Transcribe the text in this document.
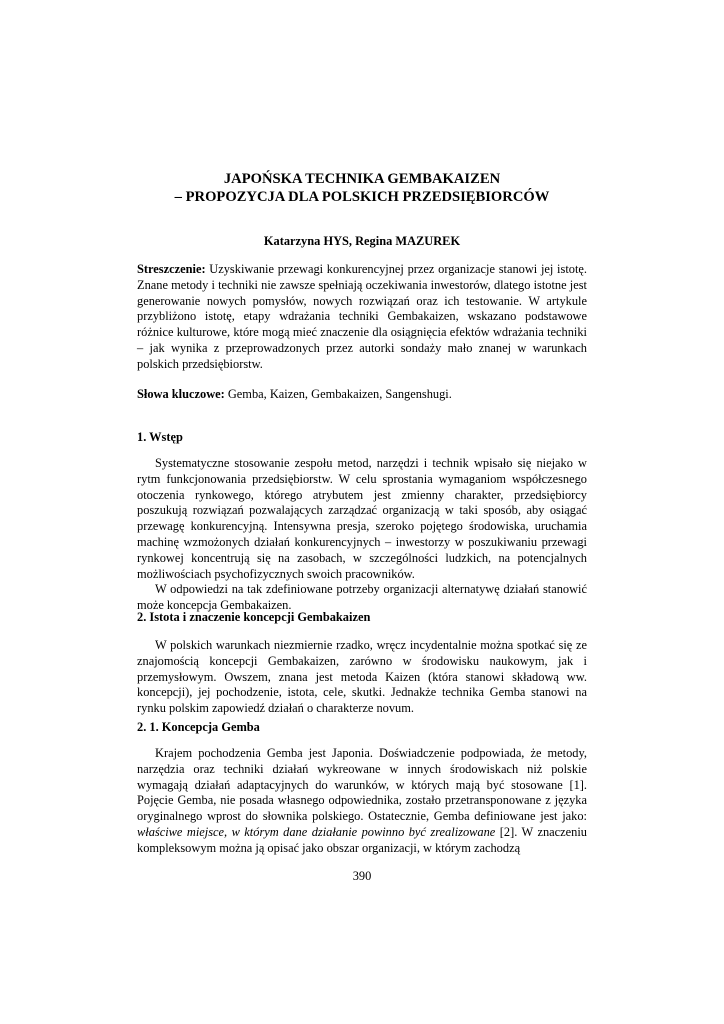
JAPOŃSKA TECHNIKA GEMBAKAIZEN
– PROPOZYCJA DLA POLSKICH PRZEDSIĘBIORCÓW
Katarzyna HYS, Regina MAZUREK

Streszczenie: Uzyskiwanie przewagi konkurencyjnej przez organizacje stanowi jej istotę. Znane metody i techniki nie zawsze spełniają oczekiwania inwestorów, dlatego istotne jest generowanie nowych pomysłów, nowych rozwiązań oraz ich testowanie. W artykule przybliżono istotę, etapy wdrażania techniki Gembakaizen, wskazano podstawowe różnice kulturowe, które mogą mieć znaczenie dla osiągnięcia efektów wdrażania techniki – jak wynika z przeprowadzonych przez autorki sondaży mało znanej w warunkach polskich przedsiębiorstw.

Słowa kluczowe: Gemba, Kaizen, Gembakaizen, Sangenshugi.

1. Wstęp

Systematyczne stosowanie zespołu metod, narzędzi i technik wpisało się niejako w rytm funkcjonowania przedsiębiorstw. W celu sprostania wymaganiom współczesnego otoczenia rynkowego, którego atrybutem jest zmienny charakter, przedsiębiorcy poszukują rozwiązań pozwalających zarządzać organizacją w taki sposób, aby osiągać przewagę konkurencyjną. Intensywna presja, szeroko pojętego środowiska, uruchamia machinę wzmożonych działań konkurencyjnych – inwestorzy w poszukiwaniu przewagi rynkowej koncentrują się na zasobach, w szczególności ludzkich, na potencjalnych możliwościach psychofizycznych swoich pracowników.

W odpowiedzi na tak zdefiniowane potrzeby organizacji alternatywę działań stanowić może koncepcja Gembakaizen.

2. Istota i znaczenie koncepcji Gembakaizen

W polskich warunkach niezmiernie rzadko, wręcz incydentalnie można spotkać się ze znajomością koncepcji Gembakaizen, zarówno w środowisku naukowym, jak i przemysłowym. Owszem, znana jest metoda Kaizen (która stanowi składową ww. koncepcji), jej pochodzenie, istota, cele, skutki. Jednakże technika Gemba stanowi na rynku polskim zapowiedź działań o charakterze novum.

2. 1. Koncepcja Gemba

Krajem pochodzenia Gemba jest Japonia. Doświadczenie podpowiada, że metody, narzędzia oraz techniki działań wykreowane w innych środowiskach niż polskie wymagają działań adaptacyjnych do warunków, w których mają być stosowane [1]. Pojęcie Gemba, nie posada własnego odpowiednika, zostało przetransponowane z języka oryginalnego wprost do słownika polskiego. Ostatecznie, Gemba definiowane jest jako: właściwe miejsce, w którym dane działanie powinno być zrealizowane [2]. W znaczeniu kompleksowym można ją opisać jako obszar organizacji, w którym zachodzą

390
